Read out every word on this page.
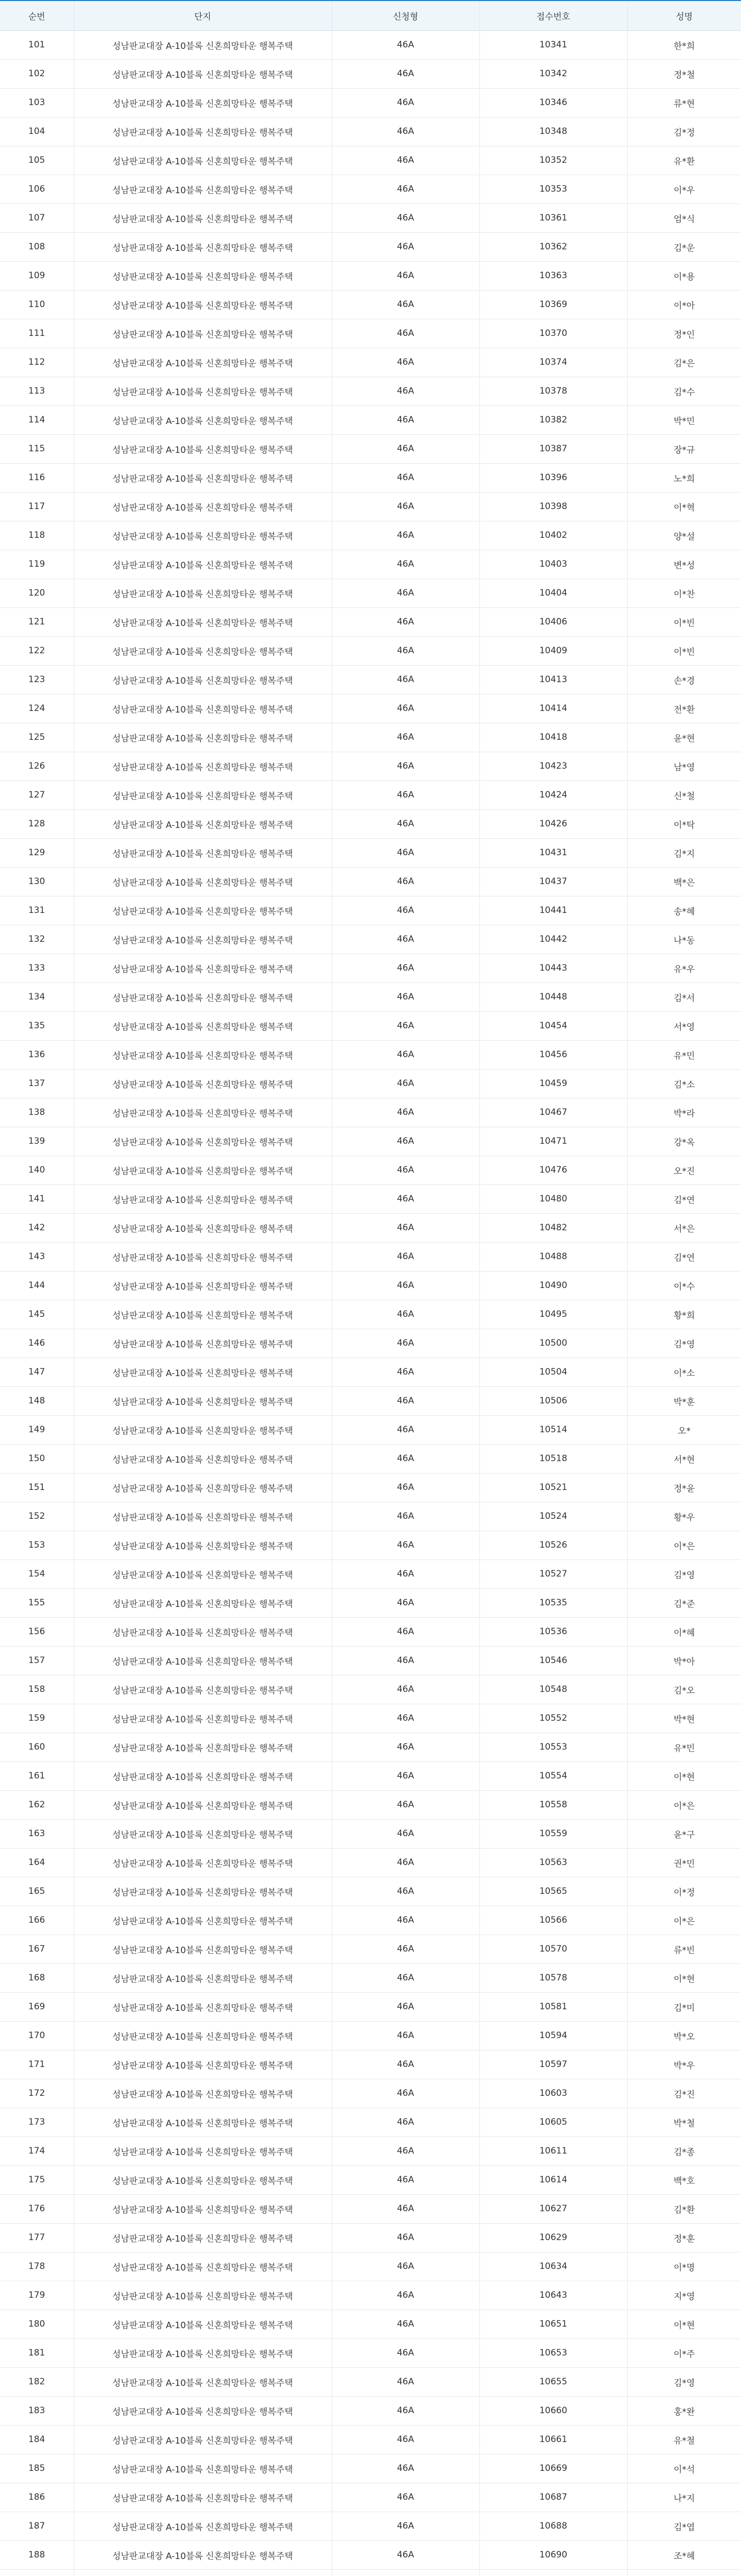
순번	단지	신청형	접수번호	성명
101	성남판교대장 A-10블록 신혼희망타운 행복주택	46A	10341	한*희
102	성남판교대장 A-10블록 신혼희망타운 행복주택	46A	10342	정*철
103	성남판교대장 A-10블록 신혼희망타운 행복주택	46A	10346	류*현
104	성남판교대장 A-10블록 신혼희망타운 행복주택	46A	10348	김*정
105	성남판교대장 A-10블록 신혼희망타운 행복주택	46A	10352	유*환
106	성남판교대장 A-10블록 신혼희망타운 행복주택	46A	10353	이*우
107	성남판교대장 A-10블록 신혼희망타운 행복주택	46A	10361	엄*식
108	성남판교대장 A-10블록 신혼희망타운 행복주택	46A	10362	김*운
109	성남판교대장 A-10블록 신혼희망타운 행복주택	46A	10363	이*용
110	성남판교대장 A-10블록 신혼희망타운 행복주택	46A	10369	이*아
111	성남판교대장 A-10블록 신혼희망타운 행복주택	46A	10370	정*인
112	성남판교대장 A-10블록 신혼희망타운 행복주택	46A	10374	김*은
113	성남판교대장 A-10블록 신혼희망타운 행복주택	46A	10378	김*수
114	성남판교대장 A-10블록 신혼희망타운 행복주택	46A	10382	박*민
115	성남판교대장 A-10블록 신혼희망타운 행복주택	46A	10387	장*규
116	성남판교대장 A-10블록 신혼희망타운 행복주택	46A	10396	노*희
117	성남판교대장 A-10블록 신혼희망타운 행복주택	46A	10398	이*혁
118	성남판교대장 A-10블록 신혼희망타운 행복주택	46A	10402	양*설
119	성남판교대장 A-10블록 신혼희망타운 행복주택	46A	10403	변*성
120	성남판교대장 A-10블록 신혼희망타운 행복주택	46A	10404	이*찬
121	성남판교대장 A-10블록 신혼희망타운 행복주택	46A	10406	이*빈
122	성남판교대장 A-10블록 신혼희망타운 행복주택	46A	10409	이*빈
123	성남판교대장 A-10블록 신혼희망타운 행복주택	46A	10413	손*경
124	성남판교대장 A-10블록 신혼희망타운 행복주택	46A	10414	전*환
125	성남판교대장 A-10블록 신혼희망타운 행복주택	46A	10418	윤*현
126	성남판교대장 A-10블록 신혼희망타운 행복주택	46A	10423	남*영
127	성남판교대장 A-10블록 신혼희망타운 행복주택	46A	10424	신*철
128	성남판교대장 A-10블록 신혼희망타운 행복주택	46A	10426	이*탁
129	성남판교대장 A-10블록 신혼희망타운 행복주택	46A	10431	김*지
130	성남판교대장 A-10블록 신혼희망타운 행복주택	46A	10437	백*은
131	성남판교대장 A-10블록 신혼희망타운 행복주택	46A	10441	송*혜
132	성남판교대장 A-10블록 신혼희망타운 행복주택	46A	10442	나*동
133	성남판교대장 A-10블록 신혼희망타운 행복주택	46A	10443	유*우
134	성남판교대장 A-10블록 신혼희망타운 행복주택	46A	10448	김*서
135	성남판교대장 A-10블록 신혼희망타운 행복주택	46A	10454	서*영
136	성남판교대장 A-10블록 신혼희망타운 행복주택	46A	10456	유*민
137	성남판교대장 A-10블록 신혼희망타운 행복주택	46A	10459	김*소
138	성남판교대장 A-10블록 신혼희망타운 행복주택	46A	10467	박*라
139	성남판교대장 A-10블록 신혼희망타운 행복주택	46A	10471	강*옥
140	성남판교대장 A-10블록 신혼희망타운 행복주택	46A	10476	오*진
141	성남판교대장 A-10블록 신혼희망타운 행복주택	46A	10480	김*연
142	성남판교대장 A-10블록 신혼희망타운 행복주택	46A	10482	서*은
143	성남판교대장 A-10블록 신혼희망타운 행복주택	46A	10488	김*연
144	성남판교대장 A-10블록 신혼희망타운 행복주택	46A	10490	이*수
145	성남판교대장 A-10블록 신혼희망타운 행복주택	46A	10495	황*희
146	성남판교대장 A-10블록 신혼희망타운 행복주택	46A	10500	김*영
147	성남판교대장 A-10블록 신혼희망타운 행복주택	46A	10504	이*소
148	성남판교대장 A-10블록 신혼희망타운 행복주택	46A	10506	박*훈
149	성남판교대장 A-10블록 신혼희망타운 행복주택	46A	10514	오*
150	성남판교대장 A-10블록 신혼희망타운 행복주택	46A	10518	서*현
151	성남판교대장 A-10블록 신혼희망타운 행복주택	46A	10521	정*윤
152	성남판교대장 A-10블록 신혼희망타운 행복주택	46A	10524	황*우
153	성남판교대장 A-10블록 신혼희망타운 행복주택	46A	10526	이*은
154	성남판교대장 A-10블록 신혼희망타운 행복주택	46A	10527	김*영
155	성남판교대장 A-10블록 신혼희망타운 행복주택	46A	10535	김*준
156	성남판교대장 A-10블록 신혼희망타운 행복주택	46A	10536	이*혜
157	성남판교대장 A-10블록 신혼희망타운 행복주택	46A	10546	박*아
158	성남판교대장 A-10블록 신혼희망타운 행복주택	46A	10548	김*오
159	성남판교대장 A-10블록 신혼희망타운 행복주택	46A	10552	박*현
160	성남판교대장 A-10블록 신혼희망타운 행복주택	46A	10553	유*민
161	성남판교대장 A-10블록 신혼희망타운 행복주택	46A	10554	이*현
162	성남판교대장 A-10블록 신혼희망타운 행복주택	46A	10558	이*은
163	성남판교대장 A-10블록 신혼희망타운 행복주택	46A	10559	윤*구
164	성남판교대장 A-10블록 신혼희망타운 행복주택	46A	10563	권*민
165	성남판교대장 A-10블록 신혼희망타운 행복주택	46A	10565	이*정
166	성남판교대장 A-10블록 신혼희망타운 행복주택	46A	10566	이*은
167	성남판교대장 A-10블록 신혼희망타운 행복주택	46A	10570	류*빈
168	성남판교대장 A-10블록 신혼희망타운 행복주택	46A	10578	이*현
169	성남판교대장 A-10블록 신혼희망타운 행복주택	46A	10581	김*미
170	성남판교대장 A-10블록 신혼희망타운 행복주택	46A	10594	박*오
171	성남판교대장 A-10블록 신혼희망타운 행복주택	46A	10597	박*우
172	성남판교대장 A-10블록 신혼희망타운 행복주택	46A	10603	김*진
173	성남판교대장 A-10블록 신혼희망타운 행복주택	46A	10605	박*철
174	성남판교대장 A-10블록 신혼희망타운 행복주택	46A	10611	김*종
175	성남판교대장 A-10블록 신혼희망타운 행복주택	46A	10614	백*호
176	성남판교대장 A-10블록 신혼희망타운 행복주택	46A	10627	김*환
177	성남판교대장 A-10블록 신혼희망타운 행복주택	46A	10629	정*훈
178	성남판교대장 A-10블록 신혼희망타운 행복주택	46A	10634	이*명
179	성남판교대장 A-10블록 신혼희망타운 행복주택	46A	10643	지*영
180	성남판교대장 A-10블록 신혼희망타운 행복주택	46A	10651	이*현
181	성남판교대장 A-10블록 신혼희망타운 행복주택	46A	10653	이*주
182	성남판교대장 A-10블록 신혼희망타운 행복주택	46A	10655	김*영
183	성남판교대장 A-10블록 신혼희망타운 행복주택	46A	10660	홍*완
184	성남판교대장 A-10블록 신혼희망타운 행복주택	46A	10661	유*철
185	성남판교대장 A-10블록 신혼희망타운 행복주택	46A	10669	이*석
186	성남판교대장 A-10블록 신혼희망타운 행복주택	46A	10687	나*지
187	성남판교대장 A-10블록 신혼희망타운 행복주택	46A	10688	김*엽
188	성남판교대장 A-10블록 신혼희망타운 행복주택	46A	10690	조*혜
